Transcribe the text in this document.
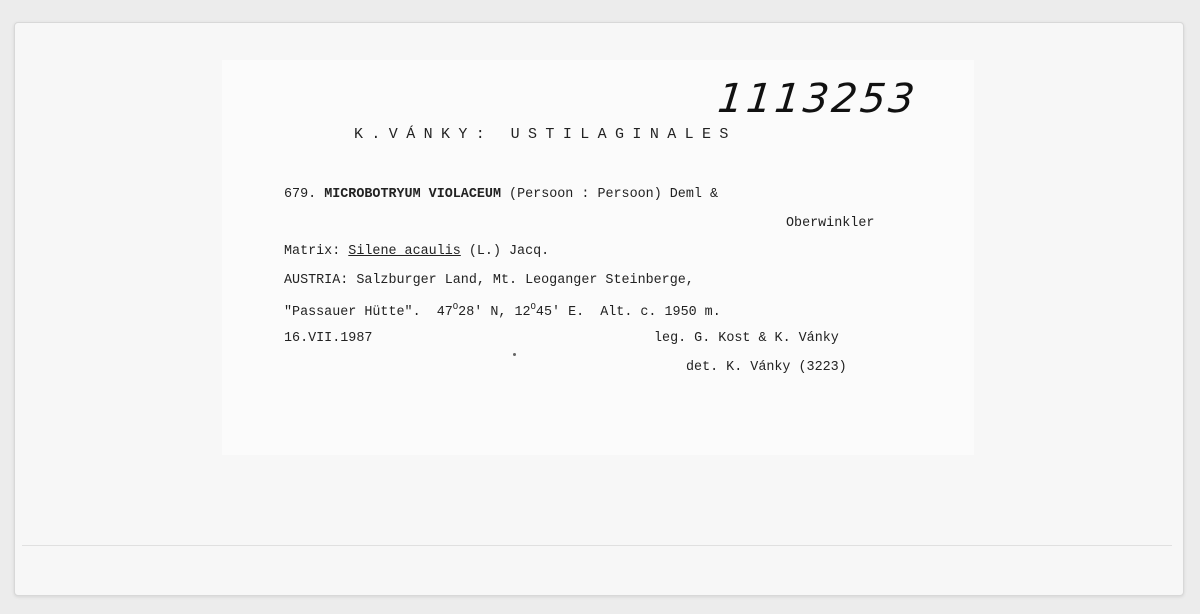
1113253
K.VÁNKY: USTILAGINALES
679. MICROBOTRYUM VIOLACEUM (Persoon : Persoon) Deml &
Oberwinkler
Matrix: Silene acaulis (L.) Jacq.
AUSTRIA: Salzburger Land, Mt. Leoganger Steinberge,
"Passauer Hütte". $47^O28'$ N, $12^O45'$ E. Alt. c. 1950 m.
16.VII.1987	leg. G. Kost & K. Vánky
det. K. Vánky (3223)
